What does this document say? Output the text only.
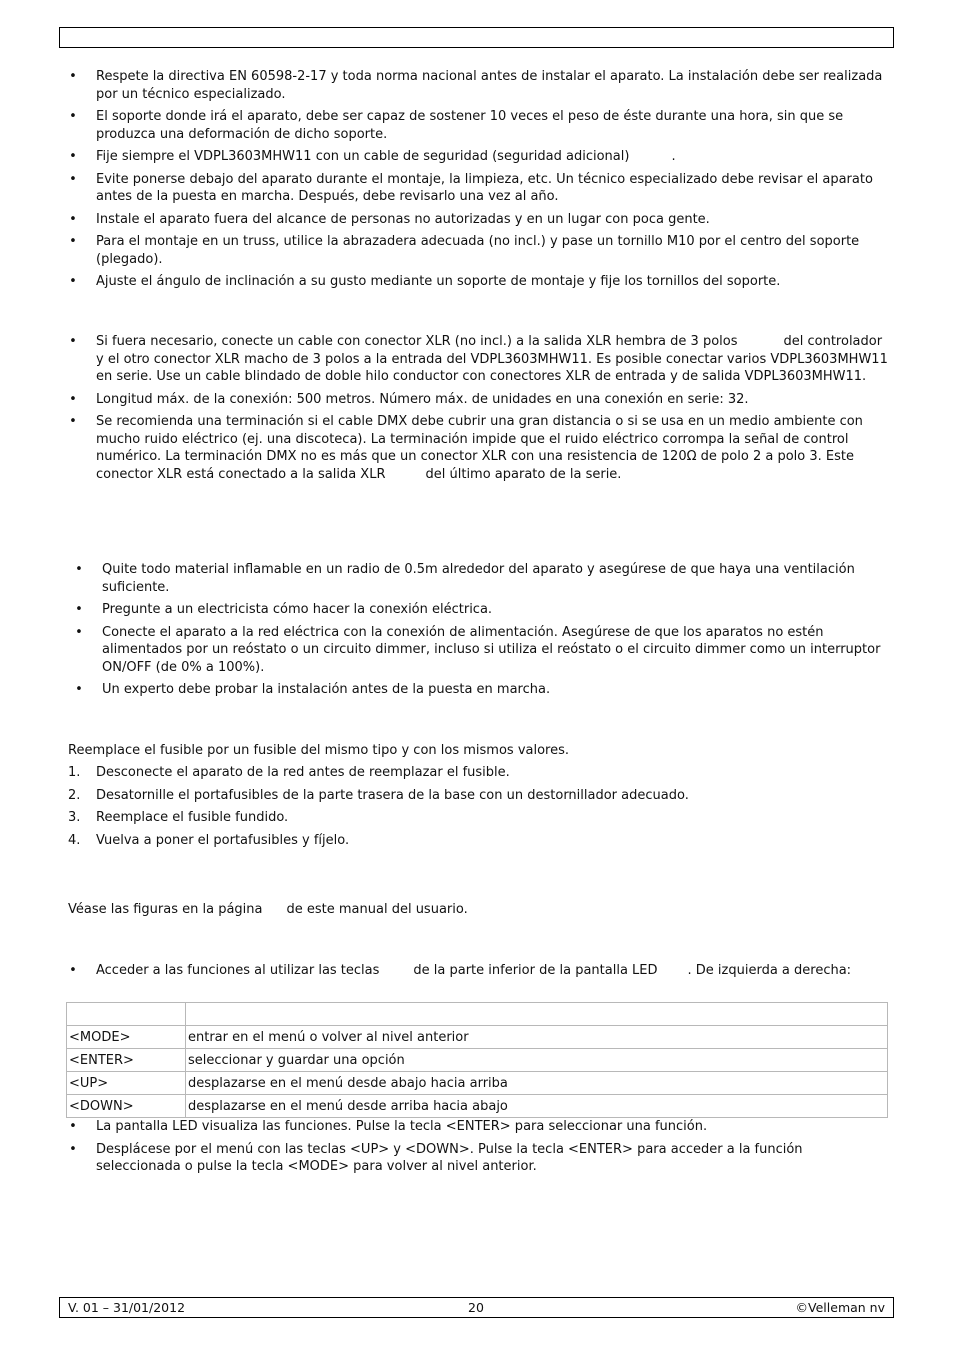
• Respete la directiva EN 60598-2-17 y toda norma nacional antes de instalar el aparato. La instalación debe ser realizada por un técnico especializado.
• El soporte donde irá el aparato, debe ser capaz de sostener 10 veces el peso de éste durante una hora, sin que se produzca una deformación de dicho soporte.
• Fije siempre el VDPL3603MHW11 con un cable de seguridad (seguridad adicional)	.
• Evite ponerse debajo del aparato durante el montaje, la limpieza, etc. Un técnico especializado debe revisar el aparato antes de la puesta en marcha. Después, debe revisarlo una vez al año.
• Instale el aparato fuera del alcance de personas no autorizadas y en un lugar con poca gente.
• Para el montaje en un truss, utilice la abrazadera adecuada (no incl.) y pase un tornillo M10 por el centro del soporte (plegado).
• Ajuste el ángulo de inclinación a su gusto mediante un soporte de montaje y fije los tornillos del soporte.
• Si fuera necesario, conecte un cable con conector XLR (no incl.) a la salida XLR hembra de 3 polos	del controlador y el otro conector XLR macho de 3 polos a la entrada del VDPL3603MHW11. Es posible conectar varios VDPL3603MHW11 en serie. Use un cable blindado de doble hilo conductor con conectores XLR de entrada y de salida VDPL3603MHW11.
• Longitud máx. de la conexión: 500 metros. Número máx. de unidades en una conexión en serie: 32.
• Se recomienda una terminación si el cable DMX debe cubrir una gran distancia o si se usa en un medio ambiente con mucho ruido eléctrico (ej. una discoteca). La terminación impide que el ruido eléctrico corrompa la señal de control numérico. La terminación DMX no es más que un conector XLR con una resistencia de 120Ω de polo 2 a polo 3. Este conector XLR está conectado a la salida XLR	del último aparato de la serie.
• Quite todo material inflamable en un radio de 0.5m alrededor del aparato y asegúrese de que haya una ventilación suficiente.
• Pregunte a un electricista cómo hacer la conexión eléctrica.
• Conecte el aparato a la red eléctrica con la conexión de alimentación. Asegúrese de que los aparatos no estén alimentados por un reóstato o un circuito dimmer, incluso si utiliza el reóstato o el circuito dimmer como un interruptor ON/OFF (de 0% a 100%).
• Un experto debe probar la instalación antes de la puesta en marcha.
Reemplace el fusible por un fusible del mismo tipo y con los mismos valores.
1. Desconecte el aparato de la red antes de reemplazar el fusible.
2. Desatornille el portafusibles de la parte trasera de la base con un destornillador adecuado.
3. Reemplace el fusible fundido.
4. Vuelva a poner el portafusibles y fíjelo.
Véase las figuras en la página de este manual del usuario.
• Acceder a las funciones al utilizar las teclas	de la parte inferior de la pantalla LED . De izquierda a derecha:

<MODE>	entrar en el menú o volver al nivel anterior
<ENTER>	seleccionar y guardar una opción
<UP>	desplazarse en el menú desde abajo hacia arriba
<DOWN>	desplazarse en el menú desde arriba hacia abajo
• La pantalla LED visualiza las funciones. Pulse la tecla <ENTER> para seleccionar una función.
• Desplácese por el menú con las teclas <UP> y <DOWN>. Pulse la tecla <ENTER> para acceder a la función seleccionada o pulse la tecla <MODE> para volver al nivel anterior.
V. 01 – 31/01/2012	20	©Velleman nv
